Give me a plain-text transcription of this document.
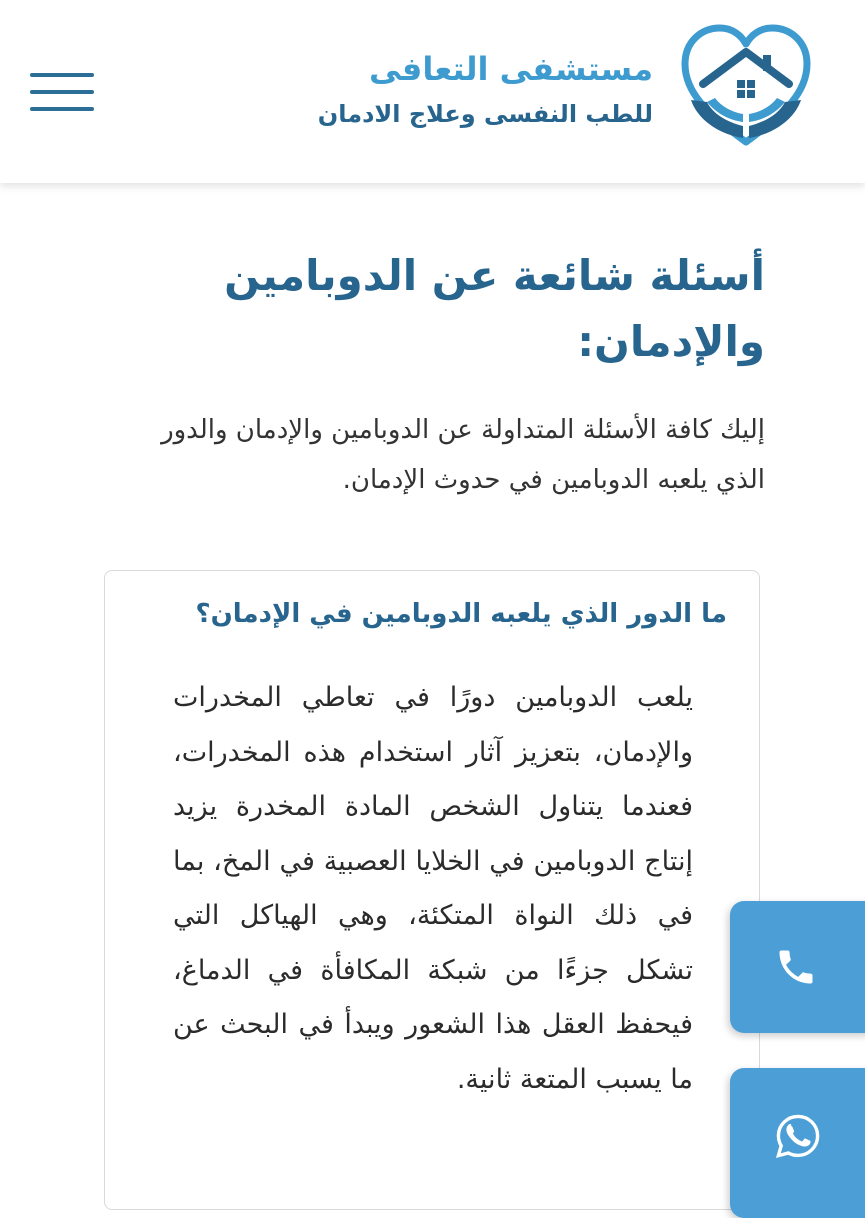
مستشفى التعافى
للطب النفسى وعلاج الادمان
أسئلة شائعة عن الدوبامين والإدمان:

إليك كافة الأسئلة المتداولة عن الدوبامين والإدمان والدور الذي يلعبه الدوبامين في حدوث الإدمان.

ما الدور الذي يلعبه الدوبامين في الإدمان؟

يلعب الدوبامين دورًا في تعاطي المخدرات والإدمان، بتعزيز آثار استخدام هذه المخدرات، فعندما يتناول الشخص المادة المخدرة يزيد إنتاج الدوبامين في الخلايا العصبية في المخ، بما في ذلك النواة المتكئة، وهي الهياكل التي تشكل جزءًا من شبكة المكافأة في الدماغ، فيحفظ العقل هذا الشعور ويبدأ في البحث عن ما يسبب المتعة ثانية.
